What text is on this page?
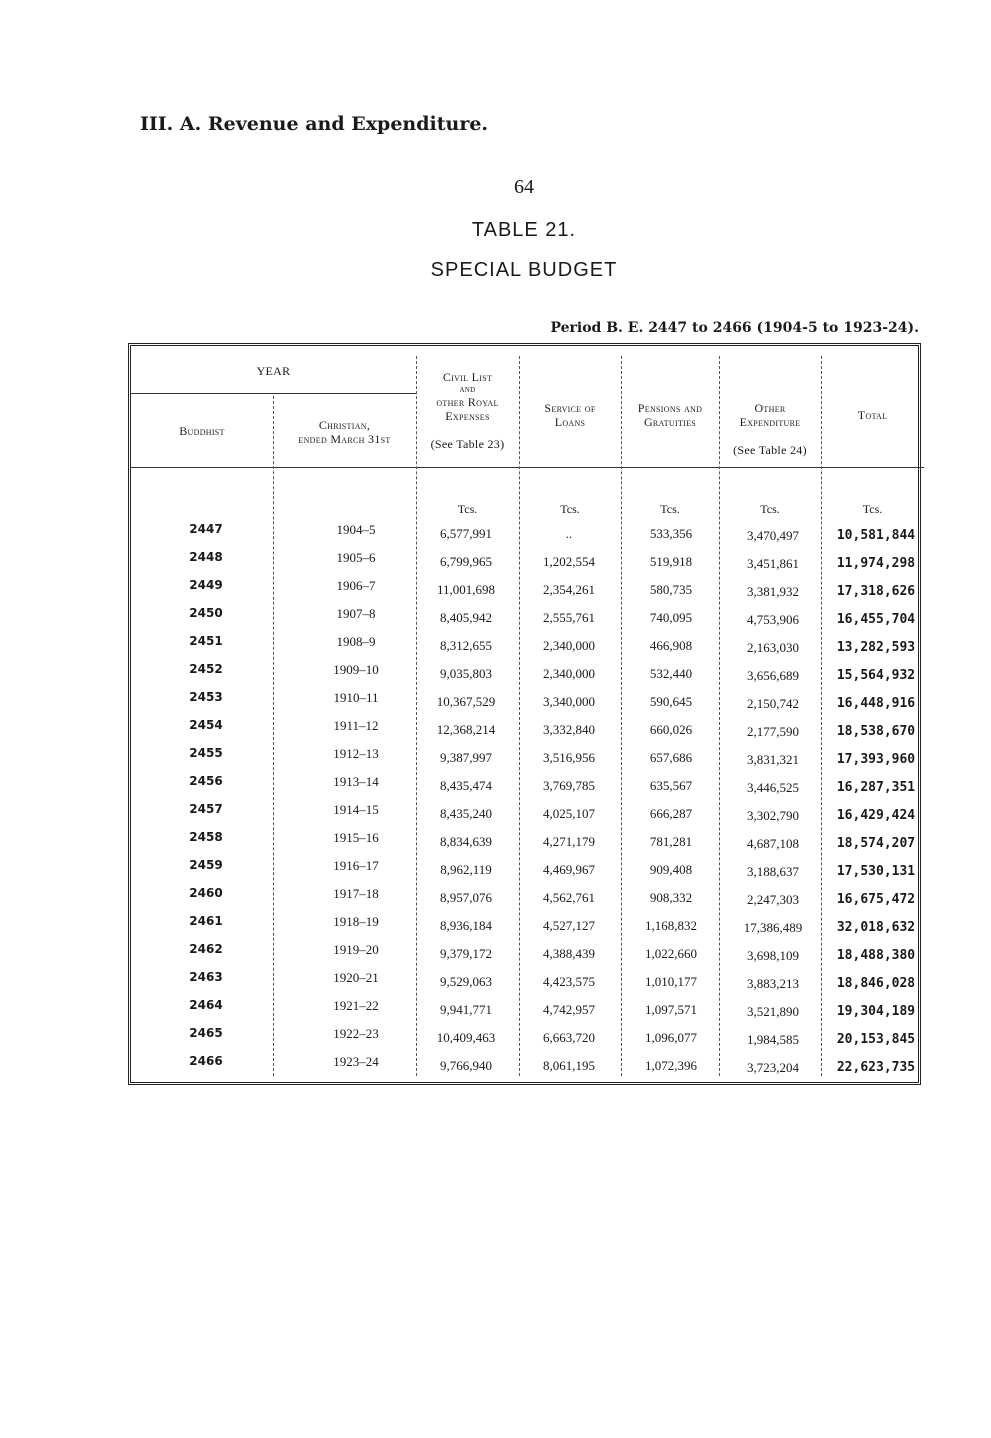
III. A. Revenue and Expenditure.
64
TABLE 21.
SPECIAL BUDGET
Period B. E. 2447 to 2466 (1904-5 to 1923-24).
YEAR
Buddhist	Christian,
ended March 31st
Civil List
and
other Royal
Expenses
(See Table 23)
Service of
Loans
Pensions and
Gratuities
Other
Expenditure
(See Table 24)
Total
Tcs.	Tcs.	Tcs.	Tcs.	Tcs.
2447	1904–5	6,577,991	..	533,356	3,470,497	10,581,844
2448	1905–6	6,799,965	1,202,554	519,918	3,451,861	11,974,298
2449	1906–7	11,001,698	2,354,261	580,735	3,381,932	17,318,626
2450	1907–8	8,405,942	2,555,761	740,095	4,753,906	16,455,704
2451	1908–9	8,312,655	2,340,000	466,908	2,163,030	13,282,593
2452	1909–10	9,035,803	2,340,000	532,440	3,656,689	15,564,932
2453	1910–11	10,367,529	3,340,000	590,645	2,150,742	16,448,916
2454	1911–12	12,368,214	3,332,840	660,026	2,177,590	18,538,670
2455	1912–13	9,387,997	3,516,956	657,686	3,831,321	17,393,960
2456	1913–14	8,435,474	3,769,785	635,567	3,446,525	16,287,351
2457	1914–15	8,435,240	4,025,107	666,287	3,302,790	16,429,424
2458	1915–16	8,834,639	4,271,179	781,281	4,687,108	18,574,207
2459	1916–17	8,962,119	4,469,967	909,408	3,188,637	17,530,131
2460	1917–18	8,957,076	4,562,761	908,332	2,247,303	16,675,472
2461	1918–19	8,936,184	4,527,127	1,168,832	17,386,489	32,018,632
2462	1919–20	9,379,172	4,388,439	1,022,660	3,698,109	18,488,380
2463	1920–21	9,529,063	4,423,575	1,010,177	3,883,213	18,846,028
2464	1921–22	9,941,771	4,742,957	1,097,571	3,521,890	19,304,189
2465	1922–23	10,409,463	6,663,720	1,096,077	1,984,585	20,153,845
2466	1923–24	9,766,940	8,061,195	1,072,396	3,723,204	22,623,735
